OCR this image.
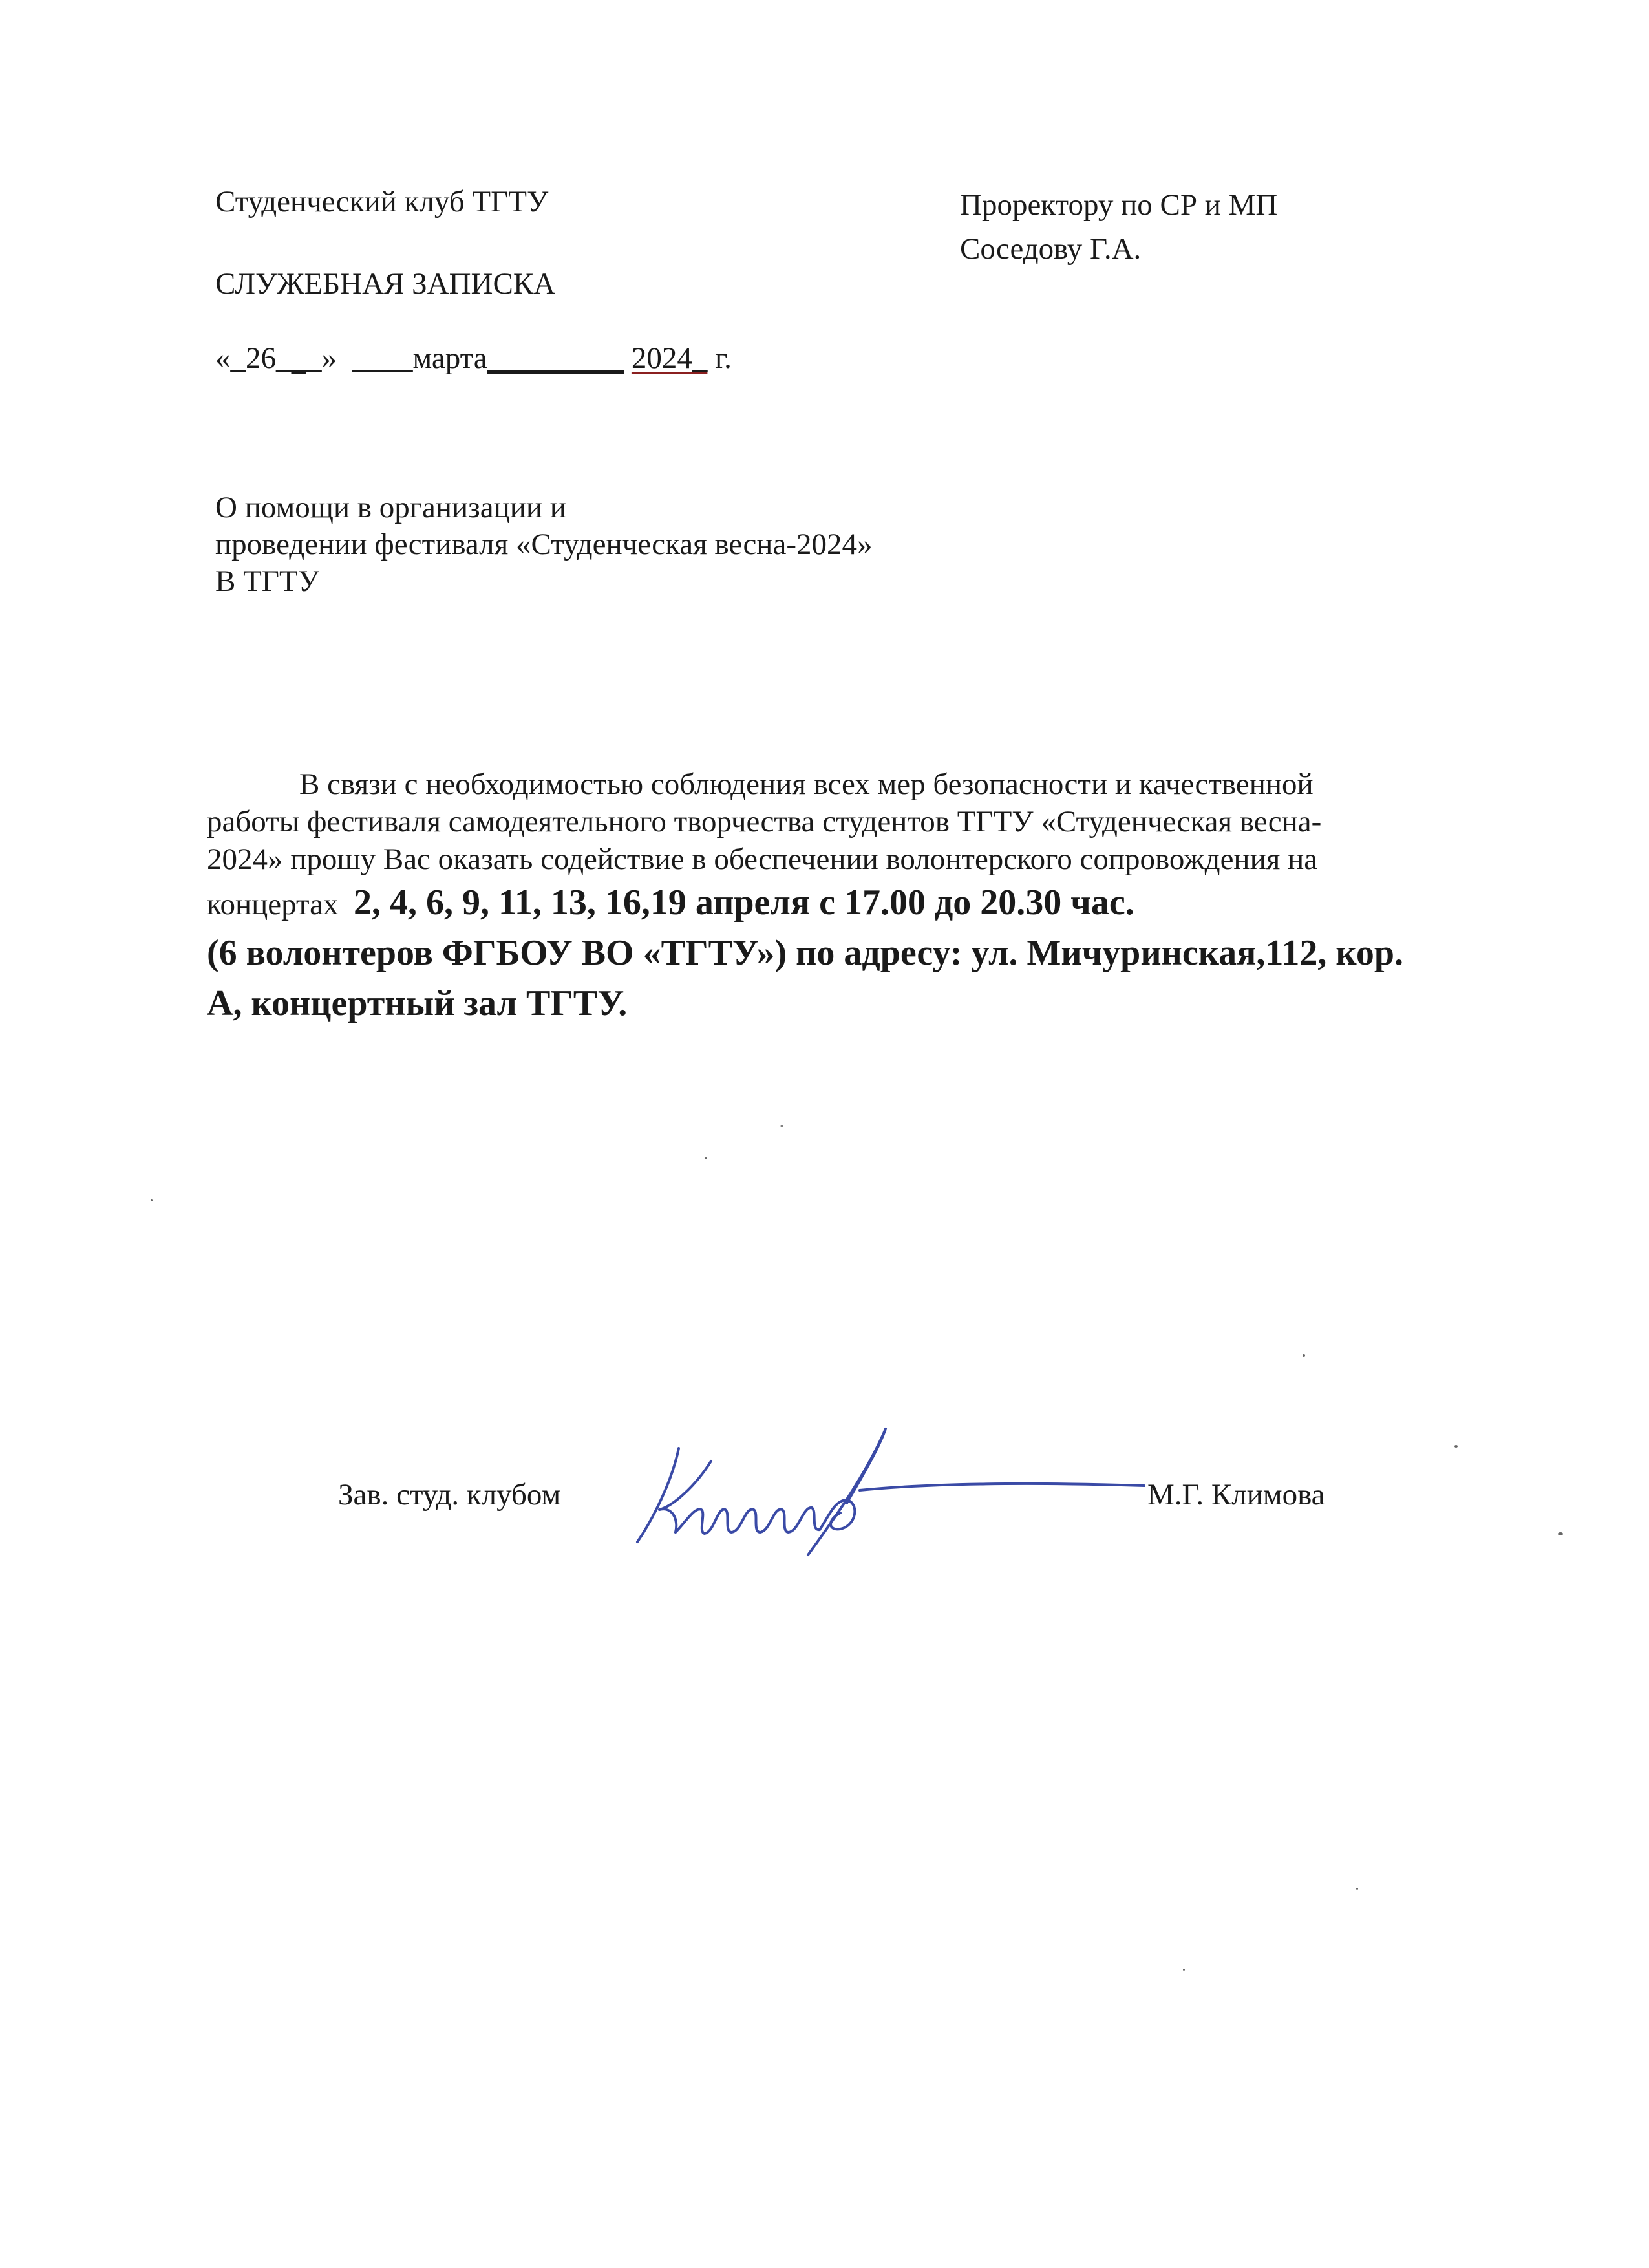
Студенческий клуб ТГТУ
СЛУЖЕБНАЯ ЗАПИСКА
«_26___» ____марта_________ 2024_ г.
Проректору по СР и МП
Соседову Г.А.
О помощи в организации и
проведении фестиваля «Студенческая весна-2024»
В ТГТУ
В связи с необходимостью соблюдения всех мер безопасности и качественной
работы фестиваля самодеятельного творчества студентов ТГТУ «Студенческая весна-
2024» прошу Вас оказать содействие в обеспечении волонтерского сопровождения на
концертах 2, 4, 6, 9, 11, 13, 16,19 апреля с 17.00 до 20.30 час.
(6 волонтеров ФГБОУ ВО «ТГТУ») по адресу: ул. Мичуринская,112, кор.
А, концертный зал ТГТУ.
Зав. студ. клубом	М.Г. Климова
